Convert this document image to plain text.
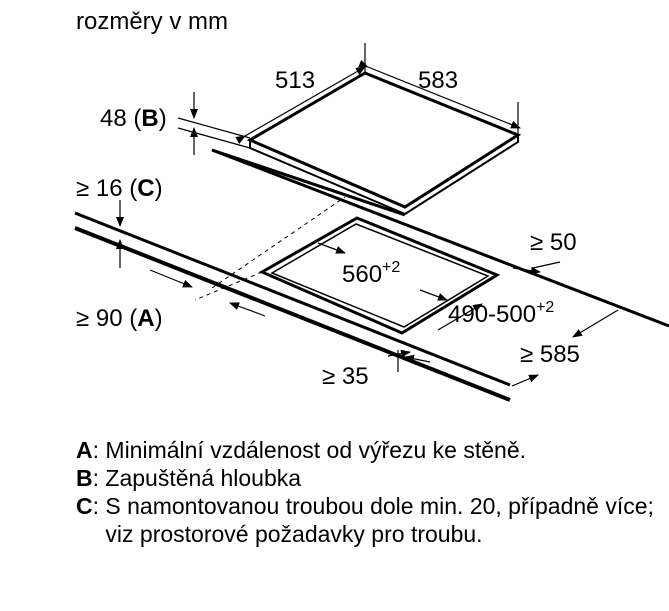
rozměry v mm
513	583
48 (B)
≥ 16 (C)
≥ 90 (A)
$560^{+2}$
$490-500^{+2}$
≥ 50
≥ 35
≥ 585
A : Minimální vzdálenost od výřezu ke stěně.
B : Zapuštěná hloubka
C : S namontovanou troubou dole min. 20, případně více; viz prostorové požadavky pro troubu.
